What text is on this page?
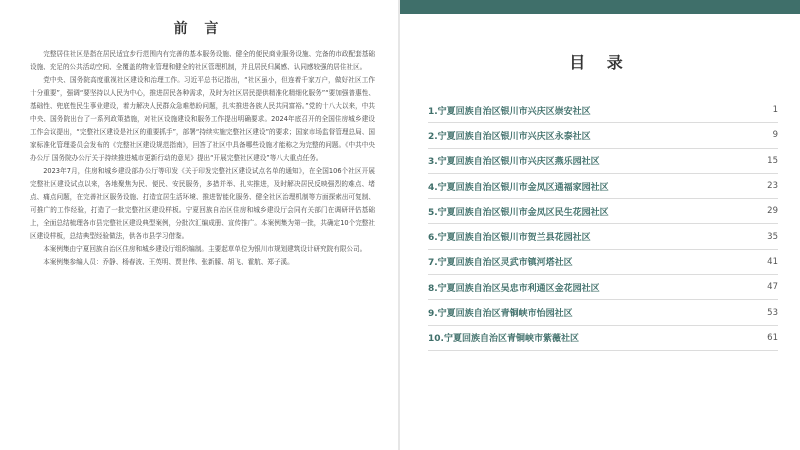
前 言

完整居住社区是指在居民适宜步行范围内有完善的基本服务设施、健全的便民商业服务设施、完备的市政配套基础设施、充足的公共活动空间、全覆盖的物业管理和健全的社区管理机制，并且居民归属感、认同感较强的居住社区。

党中央、国务院高度重视社区建设和治理工作。习近平总书记指出，“社区虽小，但连着千家万户，做好社区工作十分重要”，强调“要坚持以人民为中心，推进居民各种需求，及时为社区居民提供精准化精细化服务”“要加强普惠性、基础性、兜底性民生事业建设，着力解决人民群众急难愁盼问题，扎实推进各族人民共同富裕。”党的十八大以来，中共中央、国务院出台了一系列政策措施，对社区设施建设和服务工作提出明确要求。2024年底召开的全国住房城乡建设工作会议提出，“完整社区建设是社区的重要抓手”，部署“持续实施完整社区建设”的要求；国家市场监督管理总局、国家标准化管理委员会发布的《完整社区建设规范指南》，回答了社区中具备哪些设施才能称之为完整的问题。《中共中央办公厅 国务院办公厅关于持续推进城市更新行动的意见》提出“开展完整社区建设”等八大重点任务。

2023年7月，住房和城乡建设部办公厅等印发《关于印发完整社区建设试点名单的通知》，在全国106个社区开展完整社区建设试点以来，各地聚焦为民、便民、安民服务，多措并举、扎实推进，及时解决居民反映强烈的难点、堵点、痛点问题，在完善社区服务设施、打造宜居生活环境、推进智能化服务、健全社区治理机制等方面探索出可复制、可推广的工作经验，打造了一批完整社区建设样板。宁夏回族自治区住房和城乡建设厅会同有关部门在调研评估基础上，全面总结梳理各市县完整社区建设典型案例，分批次汇编成册、宣传推广。本案例集为第一批，共确定10个完整社区建设样板，总结典型经验做法，供各市县学习借鉴。

本案例集由宁夏回族自治区住房和城乡建设厅组织编制。主要起草单位为银川市规划建筑设计研究院有限公司。

本案例集参编人员：乔静、杨春波、王英明、贾世伟、张新朦、胡飞、霍航、郑子溪。

目 录
1.宁夏回族自治区银川市兴庆区崇安社区	1
2.宁夏回族自治区银川市兴庆区永泰社区	9
3.宁夏回族自治区银川市兴庆区燕乐园社区	15
4.宁夏回族自治区银川市金凤区通福家园社区	23
5.宁夏回族自治区银川市金凤区民生花园社区	29
6.宁夏回族自治区银川市贺兰县花园社区	35
7.宁夏回族自治区灵武市镇河塔社区	41
8.宁夏回族自治区吴忠市利通区金花园社区	47
9.宁夏回族自治区青铜峡市怡园社区	53
10.宁夏回族自治区青铜峡市紫薇社区	61
